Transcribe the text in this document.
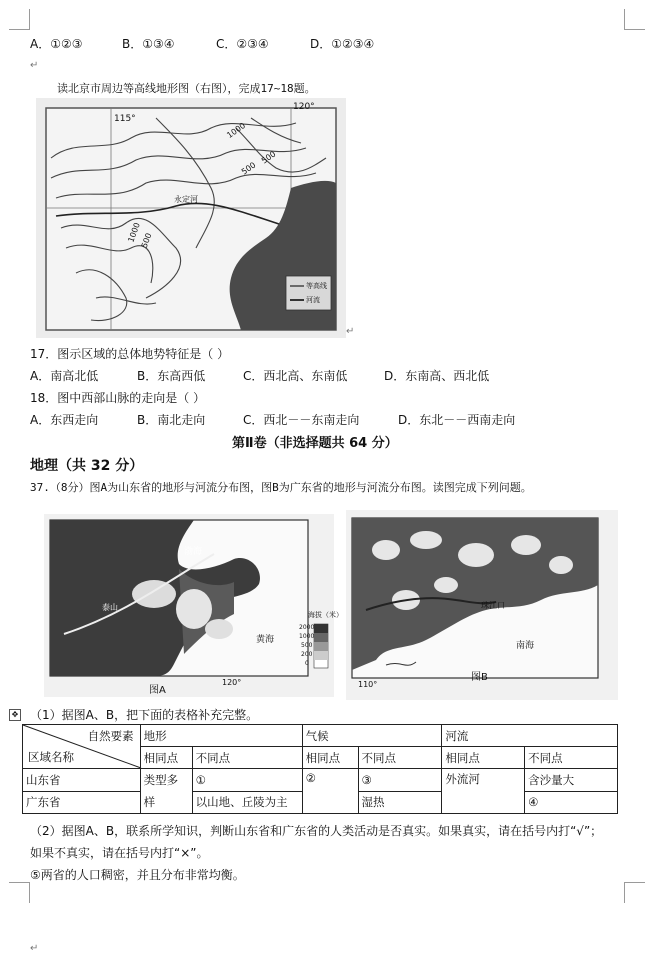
A．①②③	B．①③④	C．②③④	D．①②③④
↵
读北京市周边等高线地形图（右图），完成17~18题。
115°
120°
1000
500
1000
500
500
永定河
等高线
河流
↵
17．图示区域的总体地势特征是（ ）
A．南高北低	B．东高西低	C．西北高、东南低	D．东南高、西北低
18．图中西部山脉的走向是（ ）
A．东西走向	B．南北走向	C．西北－－东南走向	D．东北－－西南走向
第Ⅱ卷（非选择题共 64 分）
地理（共 32 分）
37.（8分）图A为山东省的地形与河流分布图，图B为广东省的地形与河流分布图。读图完成下列问题。
渤海
黄海
泰山
120°
图A
海拔（米）
2000
1000
500
200
0
南海
珠江口
110°
图B
✥ （1）据图A、B，把下面的表格补充完整。
自然要素
区域名称	地形		气候		河流	
	相同点	不同点	相同点	不同点	相同点	不同点
山东省	类型多样	①	②	③	外流河	含沙量大
广东省		以山地、丘陵为主		湿热		④
（2）据图A、B，联系所学知识，判断山东省和广东省的人类活动是否真实。如果真实，请在括号内打“√”；
如果不真实，请在括号内打“×”。
⑤两省的人口稠密，并且分布非常均衡。
↵
